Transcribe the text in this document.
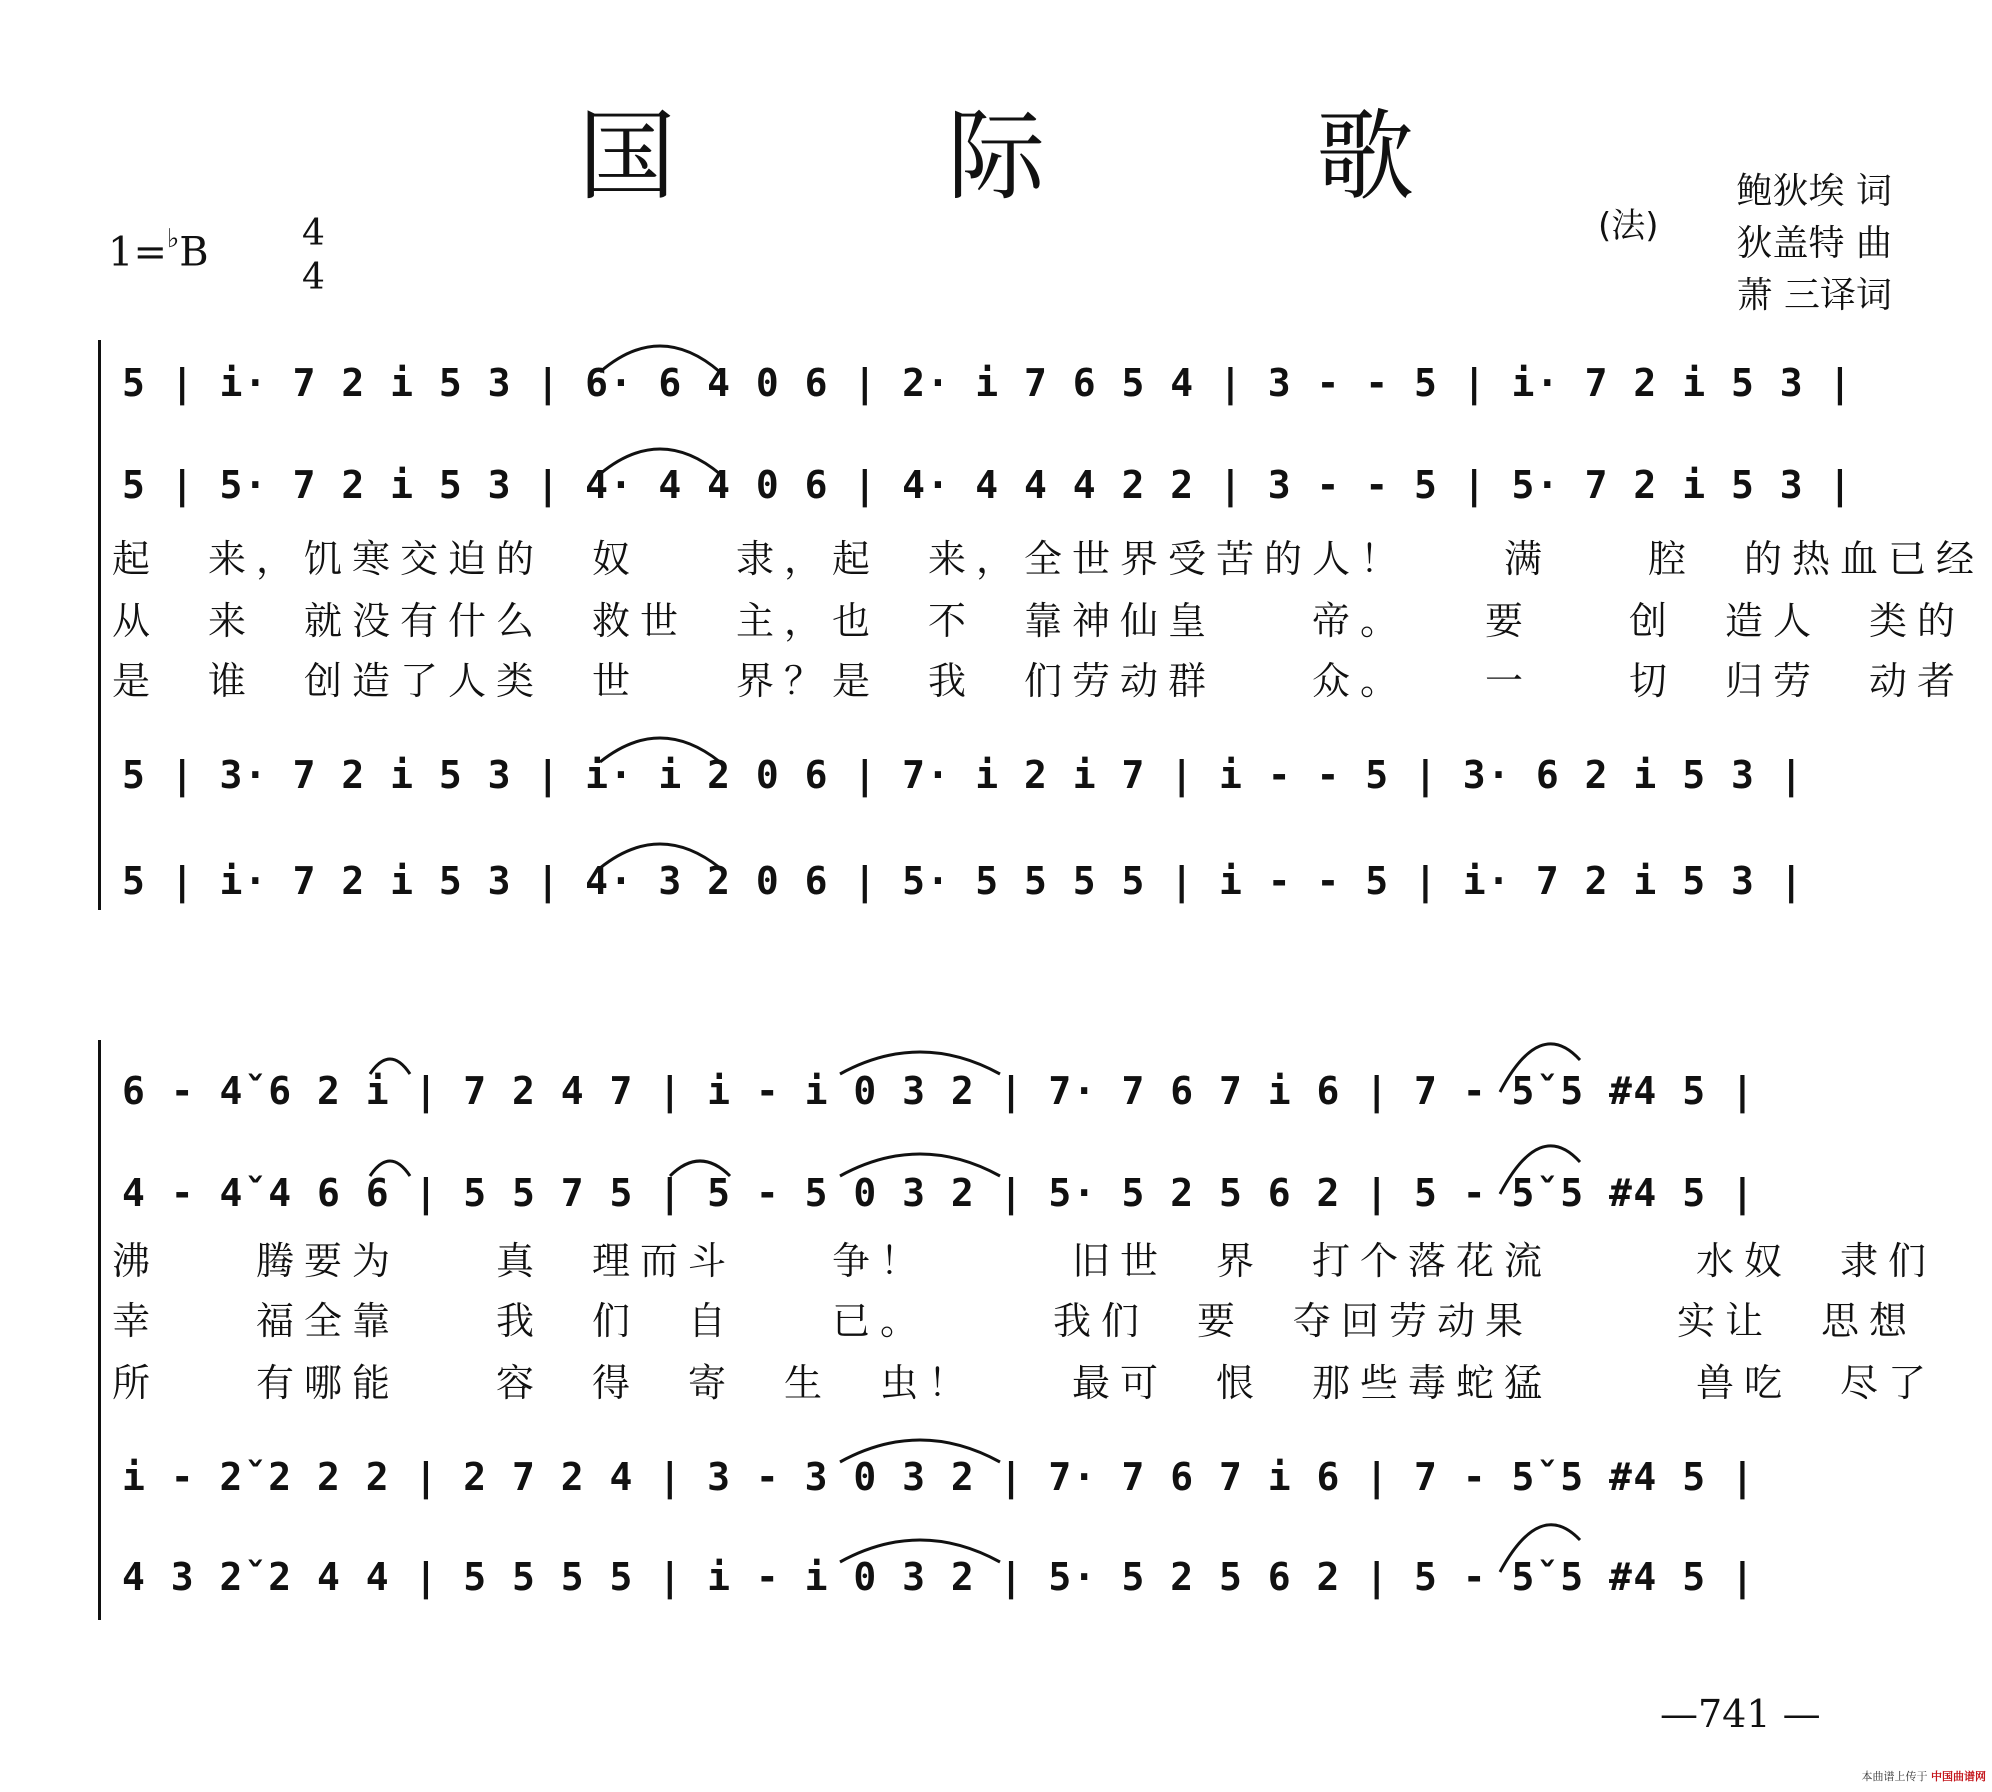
国 际 歌
1=♭B	4
4
(法)
鲍狄埃 词
狄盖特 曲
萧 三译词
5 | i· 7 2 i 5 3 | 6· 6 4 0 6 | 2· i 7 6 5 4 | 3 - - 5 | i· 7 2 i 5 3 |
5 | 5· 7 2 i 5 3 | 4· 4 4 0 6 | 4· 4 4 4 2 2 | 3 - - 5 | 5· 7 2 i 5 3 |
起　来，饥寒交迫的　奴　　隶，起　来，全世界受苦的人！　　满　　腔　的热血已经
从　来　就没有什么　救世　主，也　不　靠神仙皇　　帝。　　要　　创　造人　类的
是　谁　创造了人类　世　　界？是　我　们劳动群　　众。　　一　　切　归劳　动者
5 | 3· 7 2 i 5 3 | i· i 2 0 6 | 7· i 2 i 7 | i - - 5 | 3· 6 2 i 5 3 |
5 | i· 7 2 i 5 3 | 4· 3 2 0 6 | 5· 5 5 5 5 | i - - 5 | i· 7 2 i 5 3 |
6 - 4ˇ6 2 i | 7 2 4 7 | i - i 0 3 2 | 7· 7 6 7 i 6 | 7 - 5ˇ5 #4 5 |
4 - 4ˇ4 6 6 | 5 5 7 5 | 5 - 5 0 3 2 | 5· 5 2 5 6 2 | 5 - 5ˇ5 #4 5 |
沸　　腾要为　　真　理而斗　　争！　　　旧世　界　打个落花流　　　水奴　隶们
幸　　福全靠　　我　们　自　　已。　　　我们　要　夺回劳动果　　　实让　思想
所　　有哪能　　容　得　寄　生　虫！　　最可　恨　那些毒蛇猛　　　兽吃　尽了
i - 2ˇ2 2 2 | 2 7 2 4 | 3 - 3 0 3 2 | 7· 7 6 7 i 6 | 7 - 5ˇ5 #4 5 |
4 3 2ˇ2 4 4 | 5 5 5 5 | i - i 0 3 2 | 5· 5 2 5 6 2 | 5 - 5ˇ5 #4 5 |
—741 —
本曲谱上传于 中国曲谱网
